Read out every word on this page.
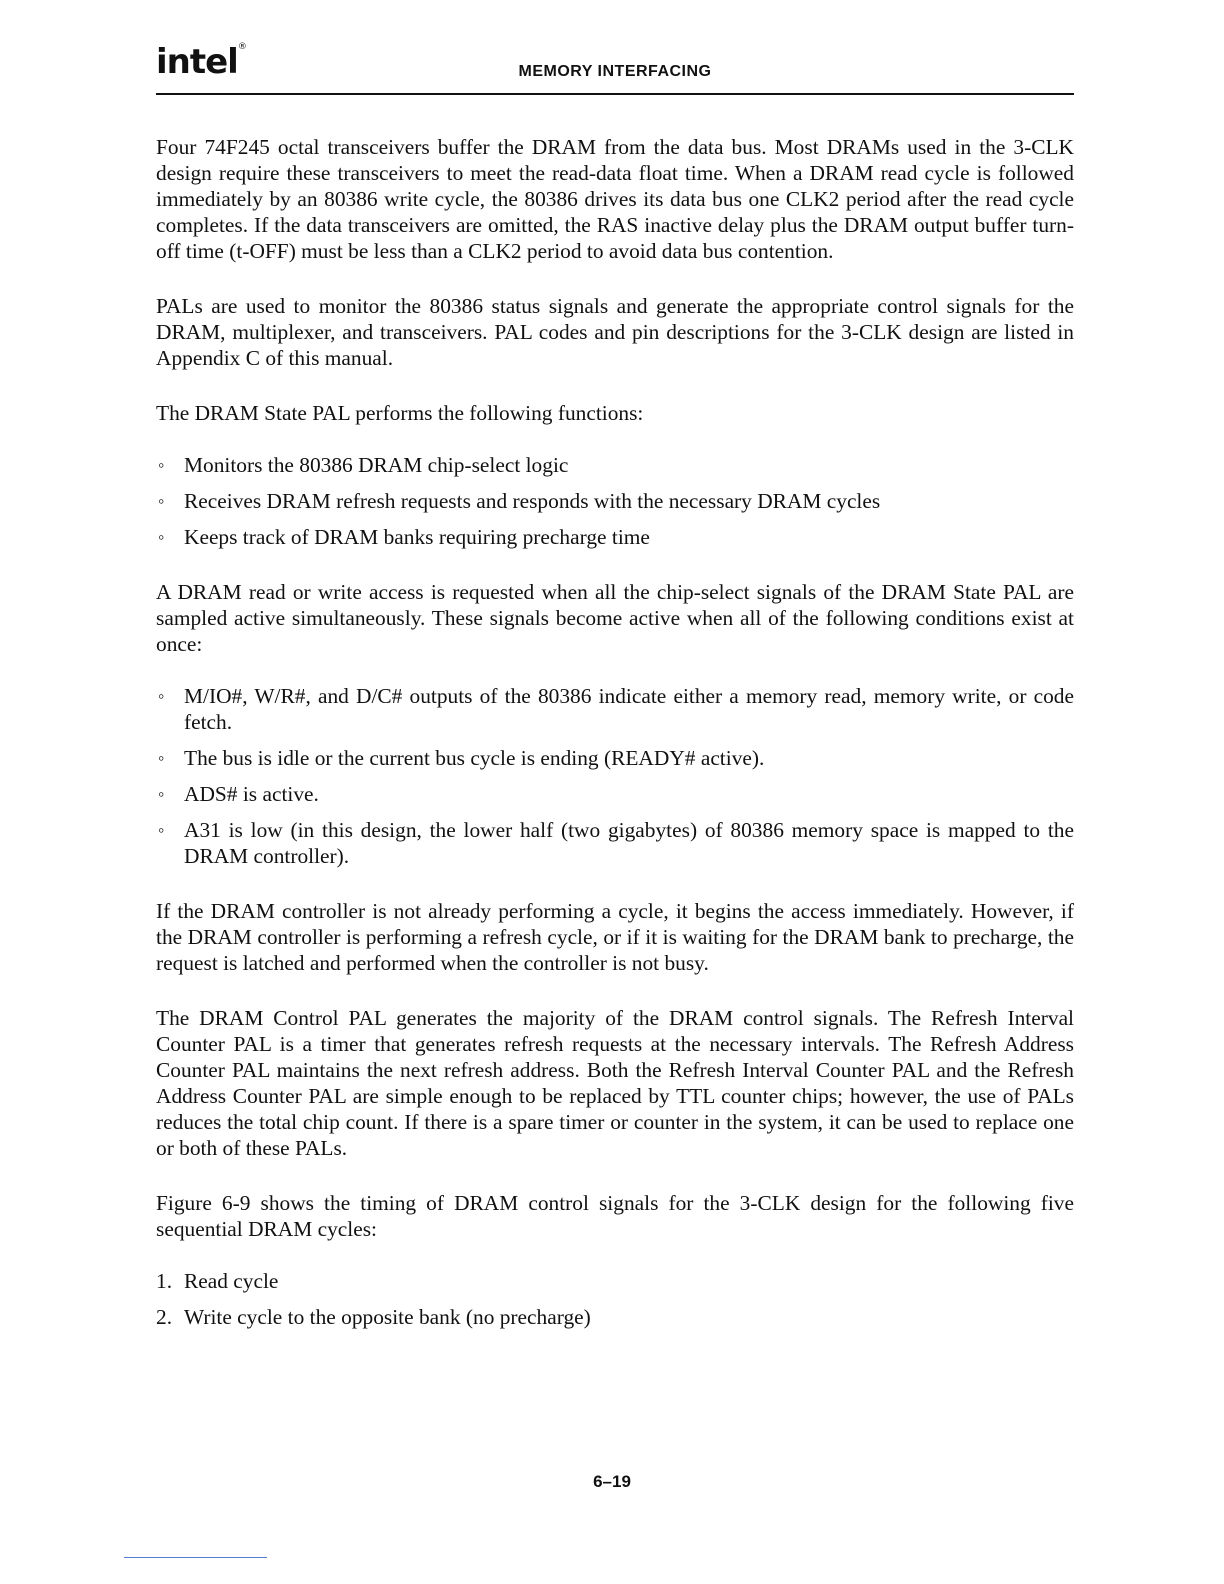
intel®
MEMORY INTERFACING

Four 74F245 octal transceivers buffer the DRAM from the data bus. Most DRAMs used in the 3-CLK design require these transceivers to meet the read-data float time. When a DRAM read cycle is followed immediately by an 80386 write cycle, the 80386 drives its data bus one CLK2 period after the read cycle completes. If the data transceivers are omitted, the RAS inactive delay plus the DRAM output buffer turn-off time (t-OFF) must be less than a CLK2 period to avoid data bus contention.

PALs are used to monitor the 80386 status signals and generate the appropriate control signals for the DRAM, multiplexer, and transceivers. PAL codes and pin descriptions for the 3-CLK design are listed in Appendix C of this manual.

The DRAM State PAL performs the following functions:

◦ Monitors the 80386 DRAM chip-select logic
◦ Receives DRAM refresh requests and responds with the necessary DRAM cycles
◦ Keeps track of DRAM banks requiring precharge time

A DRAM read or write access is requested when all the chip-select signals of the DRAM State PAL are sampled active simultaneously. These signals become active when all of the following conditions exist at once:

◦ M/IO#, W/R#, and D/C# outputs of the 80386 indicate either a memory read, memory write, or code fetch.
◦ The bus is idle or the current bus cycle is ending (READY# active).
◦ ADS# is active.
◦ A31 is low (in this design, the lower half (two gigabytes) of 80386 memory space is mapped to the DRAM controller).

If the DRAM controller is not already performing a cycle, it begins the access immediately. However, if the DRAM controller is performing a refresh cycle, or if it is waiting for the DRAM bank to precharge, the request is latched and performed when the controller is not busy.

The DRAM Control PAL generates the majority of the DRAM control signals. The Refresh Interval Counter PAL is a timer that generates refresh requests at the necessary intervals. The Refresh Address Counter PAL maintains the next refresh address. Both the Refresh Interval Counter PAL and the Refresh Address Counter PAL are simple enough to be replaced by TTL counter chips; however, the use of PALs reduces the total chip count. If there is a spare timer or counter in the system, it can be used to replace one or both of these PALs.

Figure 6-9 shows the timing of DRAM control signals for the 3-CLK design for the following five sequential DRAM cycles:

1. Read cycle
2. Write cycle to the opposite bank (no precharge)
6–19
